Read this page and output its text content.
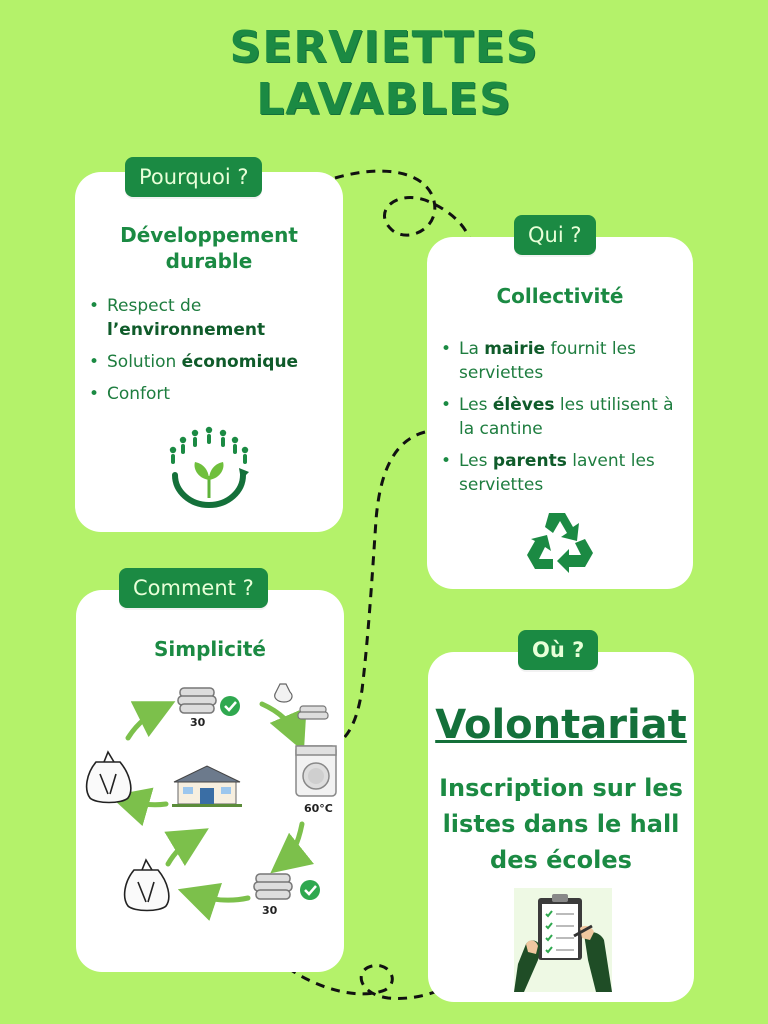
SERVIETTES
LAVABLES
Développement
durable
• Respect de
l’environnement
• Solution économique
• Confort
Pourquoi ?
Collectivité
• La mairie fournit les serviettes
• Les élèves les utilisent à la cantine
• Les parents lavent les serviettes
Qui ?
Simplicité
30
60°C
30
Comment ?
Volontariat
Inscription sur les
listes dans le hall
des écoles
Où ?
